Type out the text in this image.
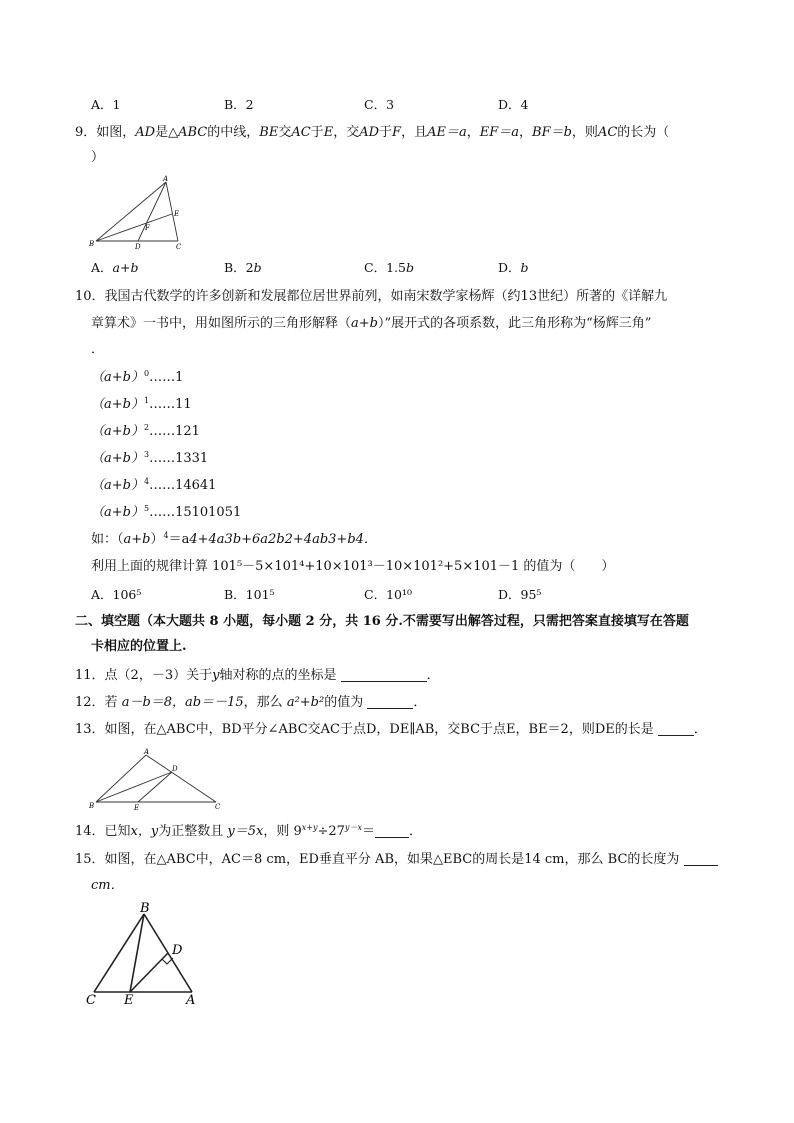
A．1	B．2	C．3	D．4
9．如图，AD是△ABC的中线，BE交AC于E，交AD于F，且AE＝a，EF＝a，BF＝b，则AC的长为（
）
A
B	C
D
E
F
A．a+b	B．2b	C．1.5b	D．b
10．我国古代数学的许多创新和发展都位居世界前列，如南宋数学家杨辉（约13世纪）所著的《详解九
章算术》一书中，用如图所示的三角形解释（a+b）”展开式的各项系数，此三角形称为“杨辉三角”
．
$(a+b)^0\dots\dots 1$
$(a+b)^1\dots\dots 11$
$(a+b)^2\dots\dots 121$
$(a+b)^3\dots\dots 1331$
$(a+b)^4\dots\dots 14641$
$(a+b)^5\dots\dots 15101051$
如：$(a+b)^4=a4+4a3b+6a2b2+4ab3+b4$．
利用上面的规律计算 101⁵－5×101⁴+10×101³－10×101²+5×101－1 的值为（　　）
A．106⁵	B．101⁵	C．10¹⁰	D．95⁵
二、填空题（本大题共 8 小题，每小题 2 分，共 16 分.不需要写出解答过程，只需把答案直接填写在答题
卡相应的位置上.
11．点（2，－3）关于y轴对称的点的坐标是	．
12．若 a－b＝8，ab＝－15，那么 a²+b²的值为	．
13．如图，在△ABC中，BD平分∠ABC交AC于点D，DE∥AB，交BC于点E，BE＝2，则DE的长是	．
A
B	C
D
E
14．已知x，y为正整数且 y＝5x，则 $9^{x+y}\div 27^{y-x}=$	．
15．如图，在△ABC中，AC＝8 cm，ED垂直平分 AB，如果△EBC的周长是14 cm，那么 BC的长度为
cm．
B
C E	A
D
